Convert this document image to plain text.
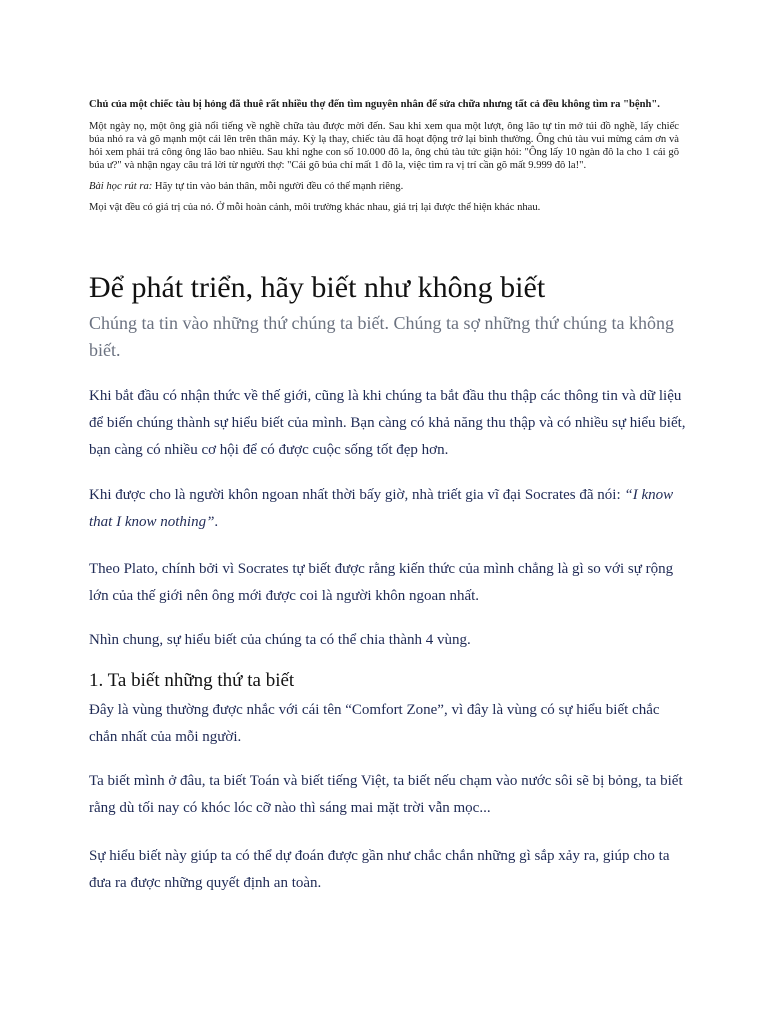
Chủ của một chiếc tàu bị hỏng đã thuê rất nhiều thợ đến tìm nguyên nhân để sửa chữa nhưng tất cả đều không tìm ra "bệnh".

Một ngày nọ, một ông già nổi tiếng về nghề chữa tàu được mời đến. Sau khi xem qua một lượt, ông lão tự tin mở túi đồ nghề, lấy chiếc búa nhỏ ra và gõ mạnh một cái lên trên thân máy. Kỳ lạ thay, chiếc tàu đã hoạt động trở lại bình thường. Ông chủ tàu vui mừng cảm ơn và hỏi xem phải trả công ông lão bao nhiêu. Sau khi nghe con số 10.000 đô la, ông chủ tàu tức giận hỏi: "Ông lấy 10 ngàn đô la cho 1 cái gõ búa ư?" và nhận ngay câu trả lời từ người thợ: "Cái gõ búa chỉ mất 1 đô la, việc tìm ra vị trí cần gõ mất 9.999 đô la!".

Bài học rút ra: Hãy tự tin vào bản thân, mỗi người đều có thế mạnh riêng.

Mọi vật đều có giá trị của nó. Ở mỗi hoàn cảnh, môi trường khác nhau, giá trị lại được thể hiện khác nhau.

Để phát triển, hãy biết như không biết

Chúng ta tin vào những thứ chúng ta biết. Chúng ta sợ những thứ chúng ta không biết.

Khi bắt đầu có nhận thức về thế giới, cũng là khi chúng ta bắt đầu thu thập các thông tin và dữ liệu để biến chúng thành sự hiểu biết của mình. Bạn càng có khả năng thu thập và có nhiều sự hiểu biết, bạn càng có nhiều cơ hội để có được cuộc sống tốt đẹp hơn.

Khi được cho là người khôn ngoan nhất thời bấy giờ, nhà triết gia vĩ đại Socrates đã nói: “I know that I know nothing”.

Theo Plato, chính bởi vì Socrates tự biết được rằng kiến thức của mình chẳng là gì so với sự rộng lớn của thế giới nên ông mới được coi là người khôn ngoan nhất.

Nhìn chung, sự hiểu biết của chúng ta có thể chia thành 4 vùng.

1. Ta biết những thứ ta biết

Đây là vùng thường được nhắc với cái tên “Comfort Zone”, vì đây là vùng có sự hiểu biết chắc chắn nhất của mỗi người.

Ta biết mình ở đâu, ta biết Toán và biết tiếng Việt, ta biết nếu chạm vào nước sôi sẽ bị bỏng, ta biết rằng dù tối nay có khóc lóc cỡ nào thì sáng mai mặt trời vẫn mọc...

Sự hiểu biết này giúp ta có thể dự đoán được gần như chắc chắn những gì sắp xảy ra, giúp cho ta đưa ra được những quyết định an toàn.
